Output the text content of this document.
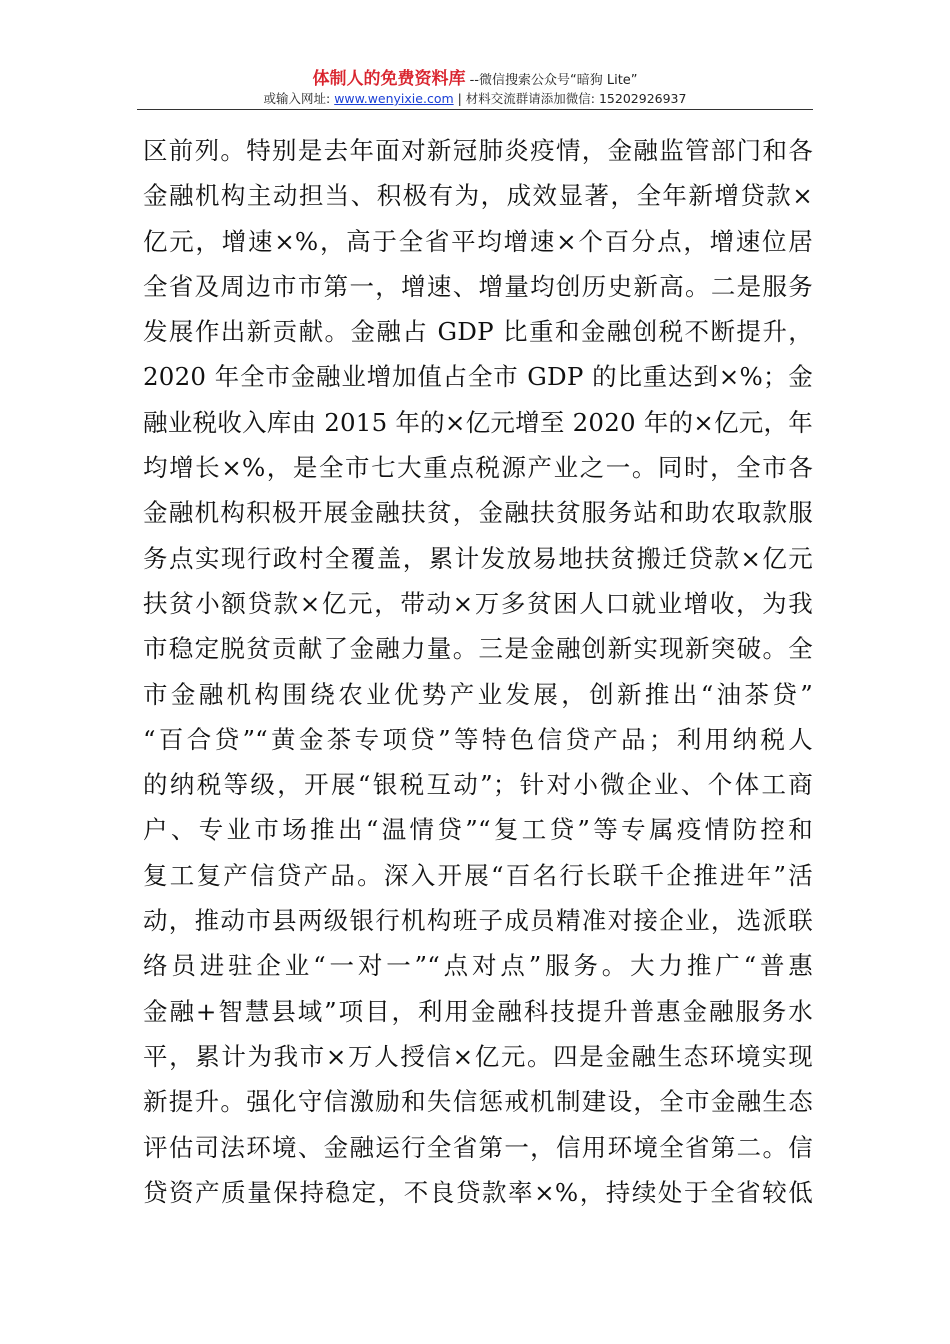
体制人的免费资料库 --微信搜索公众号“暗狗 Lite”
或输入网址: www.wenyixie.com | 材料交流群请添加微信: 15202926937
区前列。特别是去年面对新冠肺炎疫情，金融监管部门和各
金融机构主动担当、积极有为，成效显著，全年新增贷款×
亿元，增速×%，高于全省平均增速×个百分点，增速位居
全省及周边市市第一，增速、增量均创历史新高。二是服务
发展作出新贡献。金融占 GDP 比重和金融创税不断提升，
2020 年全市金融业增加值占全市 GDP 的比重达到×%；金
融业税收入库由 2015 年的×亿元增至 2020 年的×亿元，年
均增长×%，是全市七大重点税源产业之一。同时，全市各
金融机构积极开展金融扶贫，金融扶贫服务站和助农取款服
务点实现行政村全覆盖，累计发放易地扶贫搬迁贷款×亿元
扶贫小额贷款×亿元，带动×万多贫困人口就业增收，为我
市稳定脱贫贡献了金融力量。三是金融创新实现新突破。全
市金融机构围绕农业优势产业发展，创新推出“油茶贷”
“百合贷”“黄金茶专项贷”等特色信贷产品；利用纳税人
的纳税等级，开展“银税互动”；针对小微企业、个体工商
户、专业市场推出“温情贷”“复工贷”等专属疫情防控和
复工复产信贷产品。深入开展“百名行长联千企推进年”活
动，推动市县两级银行机构班子成员精准对接企业，选派联
络员进驻企业“一对一”“点对点”服务。大力推广“普惠
金融+智慧县域”项目，利用金融科技提升普惠金融服务水
平，累计为我市×万人授信×亿元。四是金融生态环境实现
新提升。强化守信激励和失信惩戒机制建设，全市金融生态
评估司法环境、金融运行全省第一，信用环境全省第二。信
贷资产质量保持稳定，不良贷款率×%，持续处于全省较低
